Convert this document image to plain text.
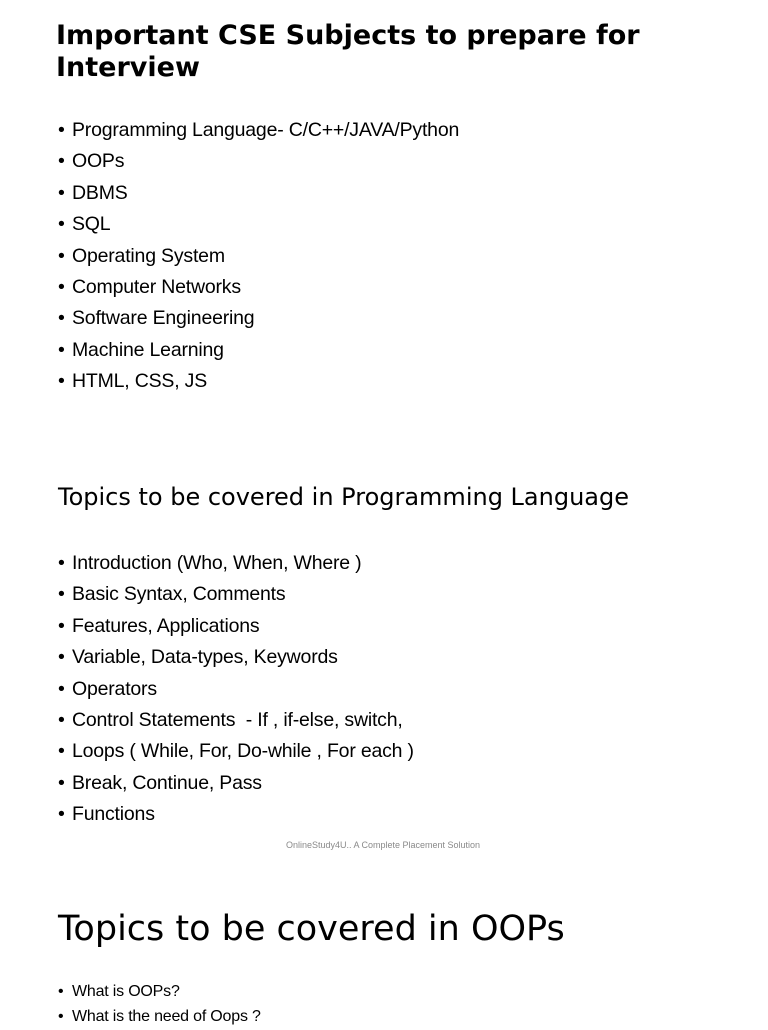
Important CSE Subjects to prepare for Interview
• Programming Language- C/C++/JAVA/Python
• OOPs
• DBMS
• SQL
• Operating System
• Computer Networks
• Software Engineering
• Machine Learning
• HTML, CSS, JS
Topics to be covered in Programming Language
• Introduction (Who, When, Where )
• Basic Syntax, Comments
• Features, Applications
• Variable, Data-types, Keywords
• Operators
• Control Statements  - If , if-else, switch,
• Loops ( While, For, Do-while , For each )
• Break, Continue, Pass
• Functions
OnlineStudy4U.. A Complete Placement Solution
Topics to be covered in OOPs
• What is OOPs?
• What is the need of Oops ?
